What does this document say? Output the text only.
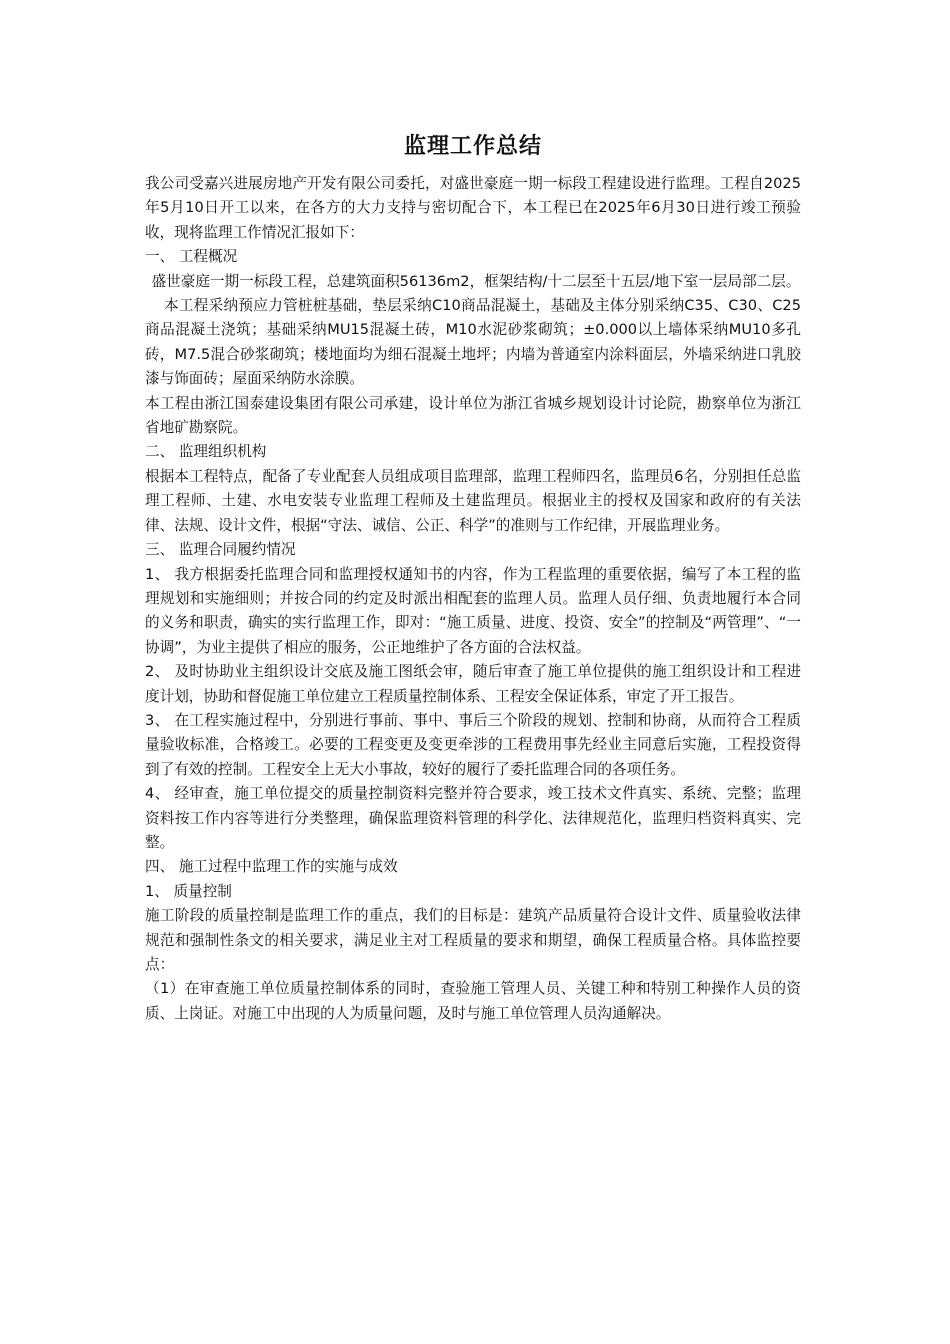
监理工作总结

我公司受嘉兴进展房地产开发有限公司委托，对盛世豪庭一期一标段工程建设进行监理。工程自2025年5月10日开工以来，在各方的大力支持与密切配合下，本工程已在2025年6月30日进行竣工预验收，现将监理工作情况汇报如下：

一、 工程概况

盛世豪庭一期一标段工程，总建筑面积56136m2，框架结构/十二层至十五层/地下室一层局部二层。

本工程采纳预应力管桩桩基础，垫层采纳C10商品混凝土，基础及主体分别采纳C35、C30、C25商品混凝土浇筑；基础采纳MU15混凝土砖，M10水泥砂浆砌筑；±0.000以上墙体采纳MU10多孔砖，M7.5混合砂浆砌筑；楼地面均为细石混凝土地坪；内墙为普通室内涂料面层，外墙采纳进口乳胶漆与饰面砖；屋面采纳防水涂膜。

本工程由浙江国泰建设集团有限公司承建，设计单位为浙江省城乡规划设计讨论院，勘察单位为浙江省地矿勘察院。

二、 监理组织机构

根据本工程特点，配备了专业配套人员组成项目监理部，监理工程师四名，监理员6名，分别担任总监理工程师、土建、水电安装专业监理工程师及土建监理员。根据业主的授权及国家和政府的有关法律、法规、设计文件，根据“守法、诚信、公正、科学”的准则与工作纪律，开展监理业务。

三、 监理合同履约情况

1、 我方根据委托监理合同和监理授权通知书的内容，作为工程监理的重要依据，编写了本工程的监理规划和实施细则；并按合同的约定及时派出相配套的监理人员。监理人员仔细、负责地履行本合同的义务和职责，确实的实行监理工作，即对：“施工质量、进度、投资、安全”的控制及“两管理”、“一协调”，为业主提供了相应的服务，公正地维护了各方面的合法权益。

2、 及时协助业主组织设计交底及施工图纸会审，随后审查了施工单位提供的施工组织设计和工程进度计划，协助和督促施工单位建立工程质量控制体系、工程安全保证体系，审定了开工报告。

3、 在工程实施过程中，分别进行事前、事中、事后三个阶段的规划、控制和协商，从而符合工程质量验收标准，合格竣工。必要的工程变更及变更牵涉的工程费用事先经业主同意后实施，工程投资得到了有效的控制。工程安全上无大小事故，较好的履行了委托监理合同的各项任务。

4、 经审查，施工单位提交的质量控制资料完整并符合要求，竣工技术文件真实、系统、完整；监理资料按工作内容等进行分类整理，确保监理资料管理的科学化、法律规范化，监理归档资料真实、完整。

四、 施工过程中监理工作的实施与成效

1、 质量控制

施工阶段的质量控制是监理工作的重点，我们的目标是：建筑产品质量符合设计文件、质量验收法律规范和强制性条文的相关要求，满足业主对工程质量的要求和期望，确保工程质量合格。具体监控要点：

（1）在审查施工单位质量控制体系的同时，查验施工管理人员、关键工种和特别工种操作人员的资质、上岗证。对施工中出现的人为质量问题，及时与施工单位管理人员沟通解决。
